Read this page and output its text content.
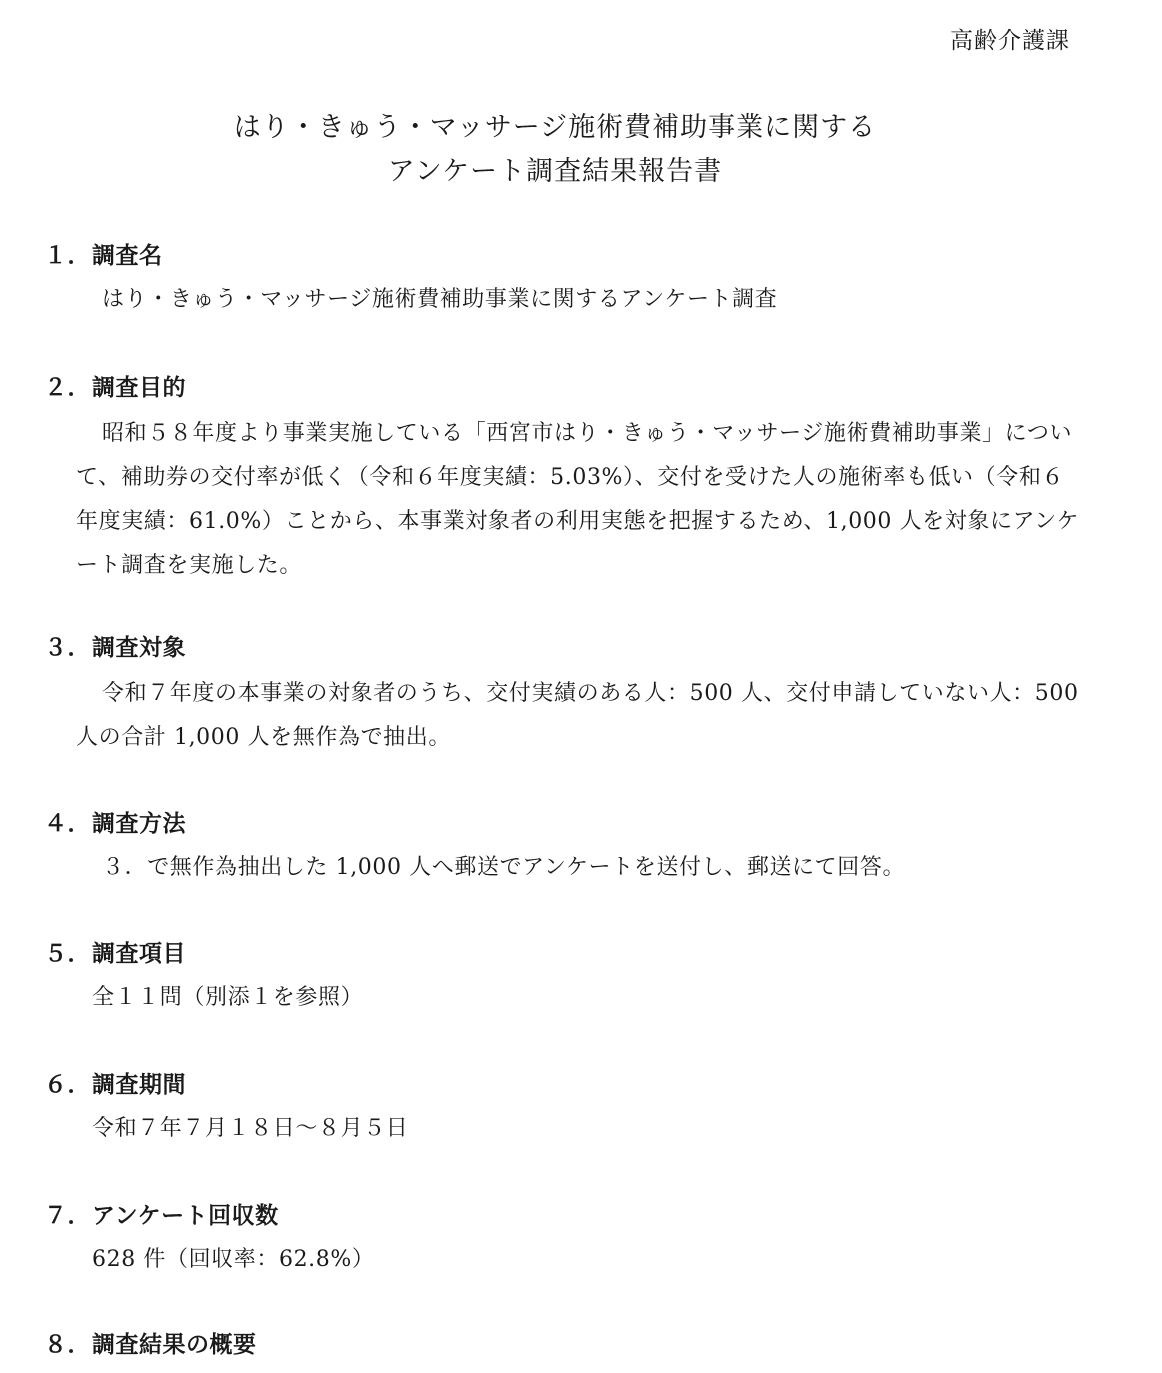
高齢介護課
はり・きゅう・マッサージ施術費補助事業に関する
アンケート調査結果報告書
１．調査名
はり・きゅう・マッサージ施術費補助事業に関するアンケート調査
２．調査目的
昭和５８年度より事業実施している「西宮市はり・きゅう・マッサージ施術費補助事業」について、補助券の交付率が低く（令和６年度実績：5.03%）、交付を受けた人の施術率も低い（令和６年度実績：61.0%）ことから、本事業対象者の利用実態を把握するため、1,000 人を対象にアンケート調査を実施した。
３．調査対象
令和７年度の本事業の対象者のうち、交付実績のある人：500 人、交付申請していない人：500 人の合計 1,000 人を無作為で抽出。
４．調査方法
３．で無作為抽出した 1,000 人へ郵送でアンケートを送付し、郵送にて回答。
５．調査項目
全１１問（別添１を参照）
６．調査期間
令和７年７月１８日～８月５日
７．アンケート回収数
628 件（回収率：62.8%）
８．調査結果の概要
